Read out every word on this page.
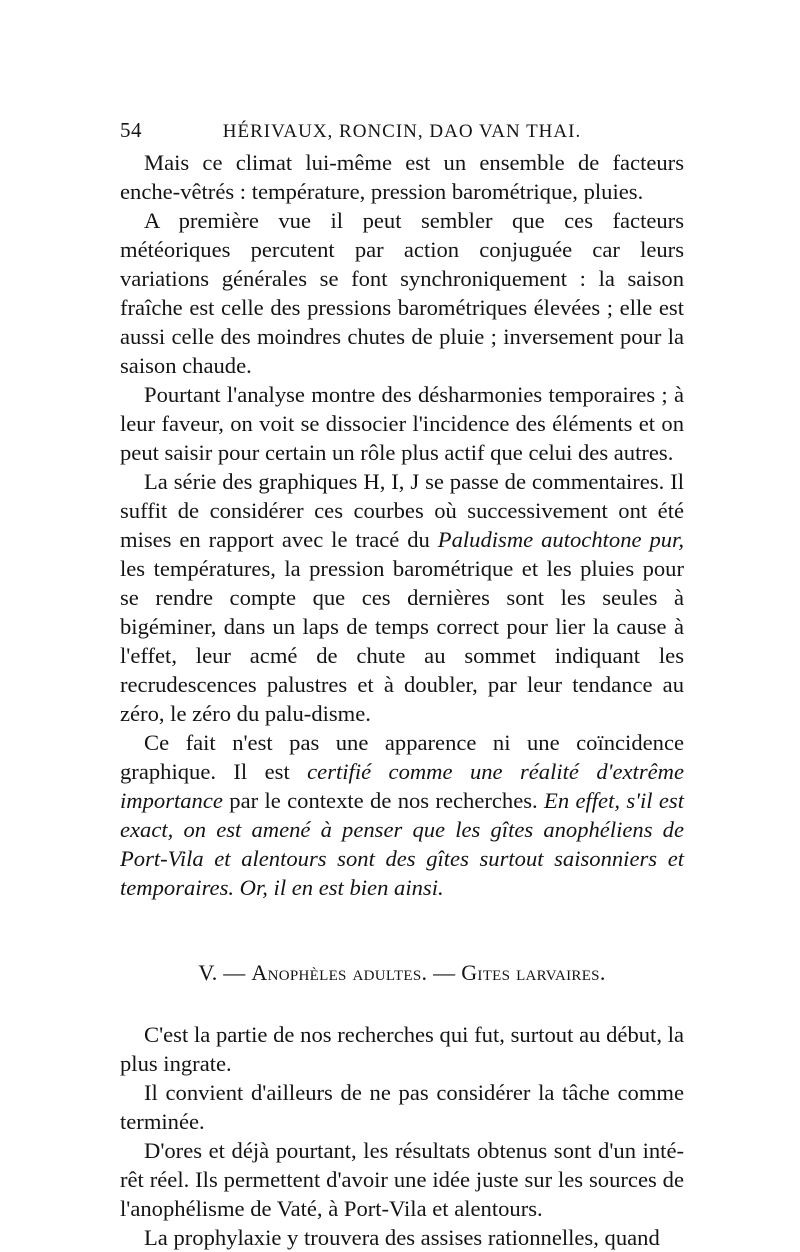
54	HÉRIVAUX, RONCIN, DAO VAN THAI.

Mais ce climat lui-même est un ensemble de facteurs enche-vêtrés : température, pression barométrique, pluies.

A première vue il peut sembler que ces facteurs météoriques percutent par action conjuguée car leurs variations générales se font synchroniquement : la saison fraîche est celle des pressions barométriques élevées ; elle est aussi celle des moindres chutes de pluie ; inversement pour la saison chaude.

Pourtant l'analyse montre des désharmonies temporaires ; à leur faveur, on voit se dissocier l'incidence des éléments et on peut saisir pour certain un rôle plus actif que celui des autres.

La série des graphiques H, I, J se passe de commentaires. Il suffit de considérer ces courbes où successivement ont été mises en rapport avec le tracé du Paludisme autochtone pur, les températures, la pression barométrique et les pluies pour se rendre compte que ces dernières sont les seules à bigéminer, dans un laps de temps correct pour lier la cause à l'effet, leur acmé de chute au sommet indiquant les recrudescences palustres et à doubler, par leur tendance au zéro, le zéro du palu-disme.

Ce fait n'est pas une apparence ni une coïncidence graphique. Il est certifié comme une réalité d'extrême importance par le contexte de nos recherches. En effet, s'il est exact, on est amené à penser que les gîtes anophéliens de Port-Vila et alentours sont des gîtes surtout saisonniers et temporaires. Or, il en est bien ainsi.

V. — Anophèles adultes. — Gites larvaires.

C'est la partie de nos recherches qui fut, surtout au début, la plus ingrate.

Il convient d'ailleurs de ne pas considérer la tâche comme terminée.

D'ores et déjà pourtant, les résultats obtenus sont d'un inté-rêt réel. Ils permettent d'avoir une idée juste sur les sources de l'anophélisme de Vaté, à Port-Vila et alentours.

La prophylaxie y trouvera des assises rationnelles, quand
